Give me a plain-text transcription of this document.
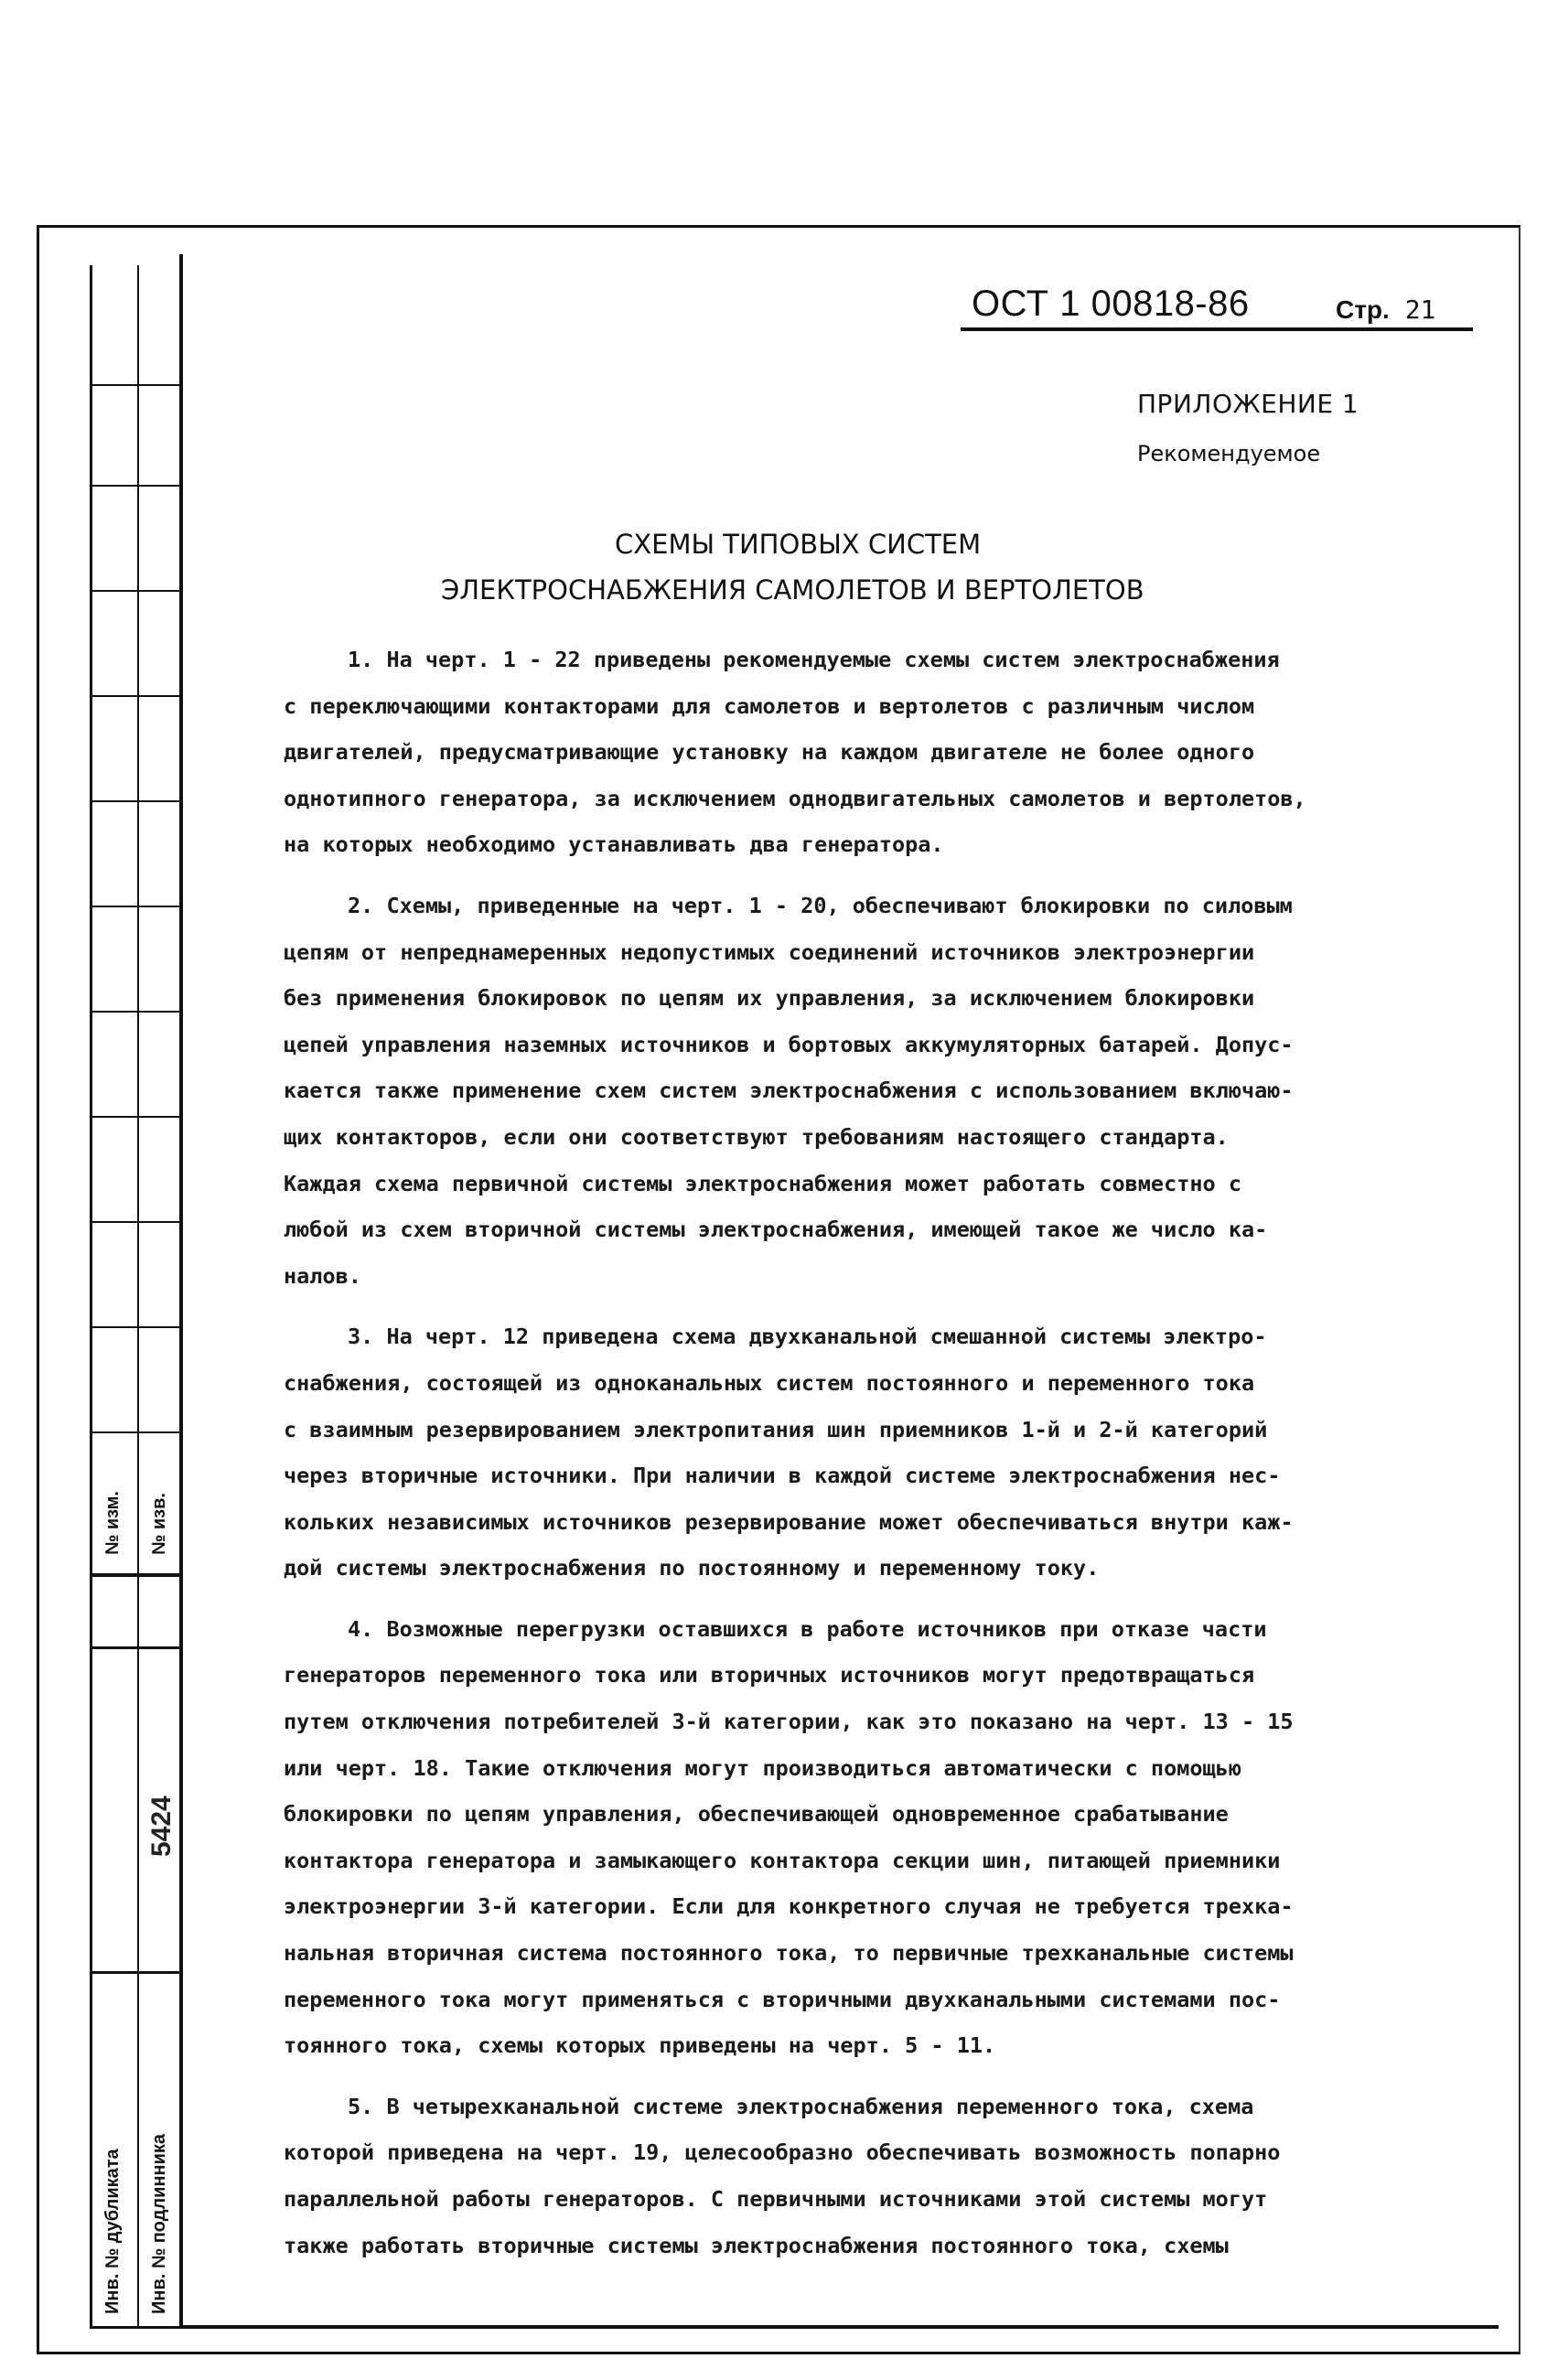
№ изм. № изв.
5424
Инв. № дубликата Инв. № подлинника
ОСТ 1 00818-86	Стр. 21
ПРИЛОЖЕНИЕ 1
Рекомендуемое
СХЕМЫ ТИПОВЫХ СИСТЕМ
ЭЛЕКТРОСНАБЖЕНИЯ САМОЛЕТОВ И ВЕРТОЛЕТОВ
1. На черт. 1 - 22 приведены рекомендуемые схемы систем электроснабжения
с переключающими контакторами для самолетов и вертолетов с различным числом
двигателей, предусматривающие установку на каждом двигателе не более одного
однотипного генератора, за исключением однодвигательных самолетов и вертолетов,
на которых необходимо устанавливать два генератора.
2. Схемы, приведенные на черт. 1 - 20, обеспечивают блокировки по силовым
цепям от непреднамеренных недопустимых соединений источников электроэнергии
без применения блокировок по цепям их управления, за исключением блокировки
цепей управления наземных источников и бортовых аккумуляторных батарей. Допус-
кается также применение схем систем электроснабжения с использованием включаю-
щих контакторов, если они соответствуют требованиям настоящего стандарта.
Каждая схема первичной системы электроснабжения может работать совместно с
любой из схем вторичной системы электроснабжения, имеющей такое же число ка-
налов.
3. На черт. 12 приведена схема двухканальной смешанной системы электро-
снабжения, состоящей из одноканальных систем постоянного и переменного тока
с взаимным резервированием электропитания шин приемников 1-й и 2-й категорий
через вторичные источники. При наличии в каждой системе электроснабжения нес-
кольких независимых источников резервирование может обеспечиваться внутри каж-
дой системы электроснабжения по постоянному и переменному току.
4. Возможные перегрузки оставшихся в работе источников при отказе части
генераторов переменного тока или вторичных источников могут предотвращаться
путем отключения потребителей 3-й категории, как это показано на черт. 13 - 15
или черт. 18. Такие отключения могут производиться автоматически с помощью
блокировки по цепям управления, обеспечивающей одновременное срабатывание
контактора генератора и замыкающего контактора секции шин, питающей приемники
электроэнергии 3-й категории. Если для конкретного случая не требуется трехка-
нальная вторичная система постоянного тока, то первичные трехканальные системы
переменного тока могут применяться с вторичными двухканальными системами пос-
тоянного тока, схемы которых приведены на черт. 5 - 11.
5. В четырехканальной системе электроснабжения переменного тока, схема
которой приведена на черт. 19, целесообразно обеспечивать возможность попарно
параллельной работы генераторов. С первичными источниками этой системы могут
также работать вторичные системы электроснабжения постоянного тока, схемы
